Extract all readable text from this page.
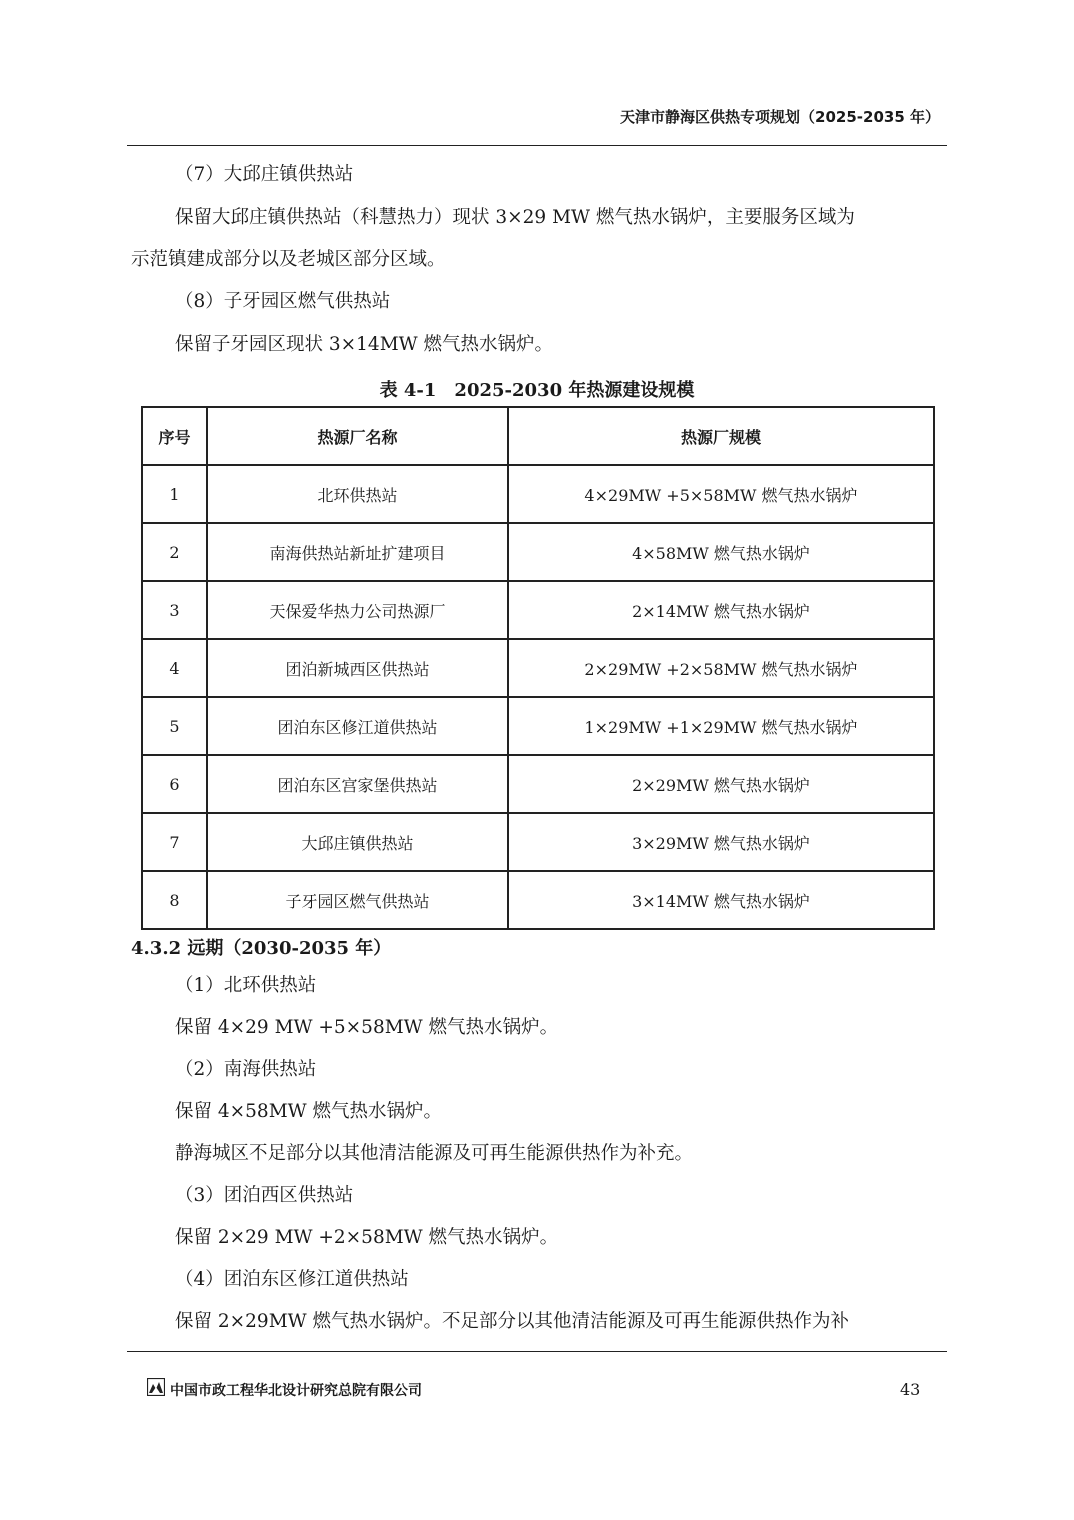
天津市静海区供热专项规划（2025-2035 年）
（7）大邱庄镇供热站
保留大邱庄镇供热站（科慧热力）现状 3×29 MW 燃气热水锅炉，主要服务区域为
示范镇建成部分以及老城区部分区域。
（8）子牙园区燃气供热站
保留子牙园区现状 3×14MW 燃气热水锅炉。
表 4-1　2025-2030 年热源建设规模
序号	热源厂名称	热源厂规模
1	北环供热站	4×29MW +5×58MW 燃气热水锅炉
2	南海供热站新址扩建项目	4×58MW 燃气热水锅炉
3	天保爱华热力公司热源厂	2×14MW 燃气热水锅炉
4	团泊新城西区供热站	2×29MW +2×58MW 燃气热水锅炉
5	团泊东区修江道供热站	1×29MW +1×29MW 燃气热水锅炉
6	团泊东区宫家堡供热站	2×29MW 燃气热水锅炉
7	大邱庄镇供热站	3×29MW 燃气热水锅炉
8	子牙园区燃气供热站	3×14MW 燃气热水锅炉
4.3.2 远期（2030-2035 年）
（1）北环供热站
保留 4×29 MW +5×58MW 燃气热水锅炉。
（2）南海供热站
保留 4×58MW 燃气热水锅炉。
静海城区不足部分以其他清洁能源及可再生能源供热作为补充。
（3）团泊西区供热站
保留 2×29 MW +2×58MW 燃气热水锅炉。
（4）团泊东区修江道供热站
保留 2×29MW 燃气热水锅炉。不足部分以其他清洁能源及可再生能源供热作为补
中国市政工程华北设计研究总院有限公司	43
